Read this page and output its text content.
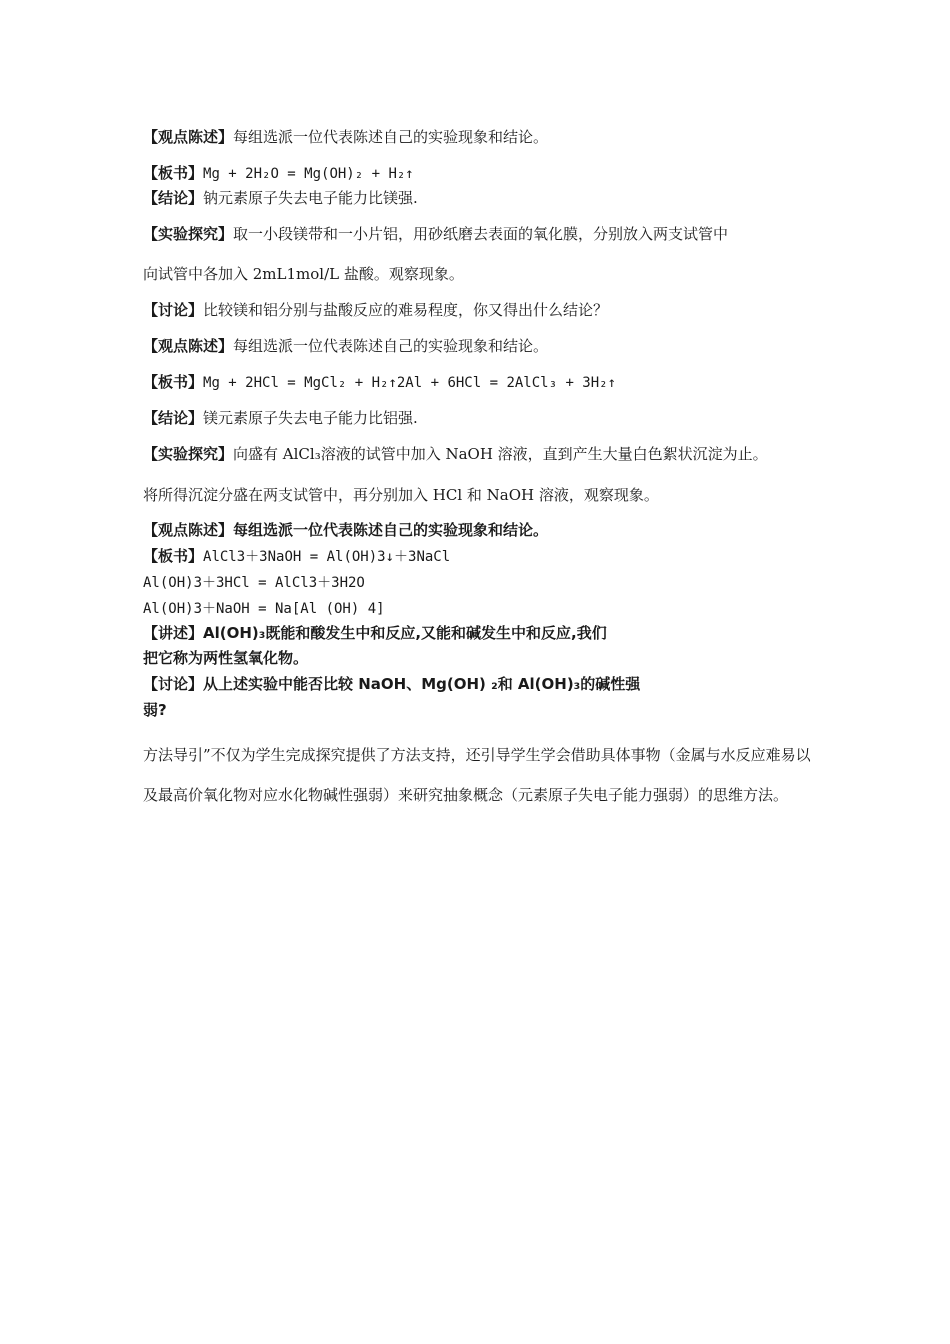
【观点陈述】每组选派一位代表陈述自己的实验现象和结论。
【板书】Mg + 2H₂O = Mg(OH)₂ + H₂↑
【结论】钠元素原子失去电子能力比镁强.
【实验探究】取一小段镁带和一小片铝，用砂纸磨去表面的氧化膜，分别放入两支试管中
向试管中各加入 2mL1mol/L 盐酸。观察现象。
【讨论】比较镁和铝分别与盐酸反应的难易程度，你又得出什么结论？
【观点陈述】每组选派一位代表陈述自己的实验现象和结论。
【板书】Mg + 2HCl = MgCl₂ + H₂↑2Al + 6HCl = 2AlCl₃ + 3H₂↑
【结论】镁元素原子失去电子能力比铝强.
【实验探究】向盛有 AlCl₃溶液的试管中加入 NaOH 溶液，直到产生大量白色絮状沉淀为止。
将所得沉淀分盛在两支试管中，再分别加入 HCl 和 NaOH 溶液，观察现象。
【观点陈述】每组选派一位代表陈述自己的实验现象和结论。
【板书】AlCl3＋3NaOH = Al(OH)3↓＋3NaCl
Al(OH)3＋3HCl = AlCl3＋3H2O
Al(OH)3＋NaOH = Na[Al (OH) 4]
【讲述】Al(OH)₃既能和酸发生中和反应,又能和碱发生中和反应,我们
把它称为两性氢氧化物。
【讨论】从上述实验中能否比较 NaOH、Mg(OH) ₂和 Al(OH)₃的碱性强
弱?
方法导引”不仅为学生完成探究提供了方法支持，还引导学生学会借助具体事物（金属与水反应难易以及最高价氧化物对应水化物碱性强弱）来研究抽象概念（元素原子失电子能力强弱）的思维方法。
